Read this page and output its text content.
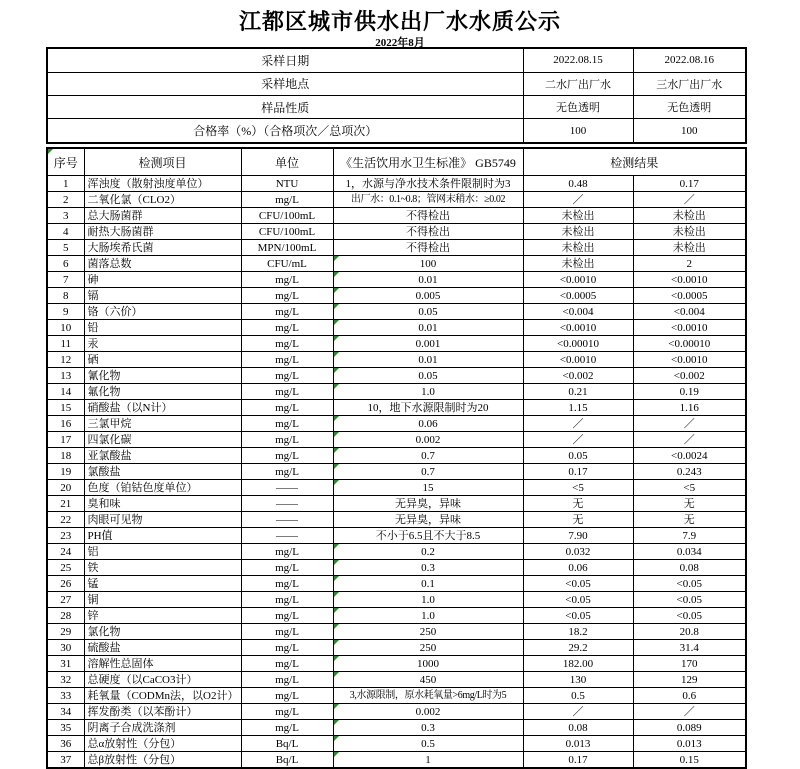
江都区城市供水出厂水水质公示
2022年8月
采样日期	2022.08.15	2022.08.16
采样地点	二水厂出厂水	三水厂出厂水
样品性质	无色透明	无色透明
合格率（%）（合格项次／总项次）	100	100
序号	检测项目	单位	《生活饮用水卫生标准》 GB5749	检测结果	
1	浑浊度（散射浊度单位）	NTU	1，水源与净水技术条件限制时为3	0.48	0.17
2	二氧化氯（CLO2）	mg/L	出厂水：0.1~0.8；管网末稍水：≥0.02	／	／
3	总大肠菌群	CFU/100mL	不得检出	未检出	未检出
4	耐热大肠菌群	CFU/100mL	不得检出	未检出	未检出
5	大肠埃希氏菌	MPN/100mL	不得检出	未检出	未检出
6	菌落总数	CFU/mL	100	未检出	2
7	砷	mg/L	0.01	<0.0010	<0.0010
8	镉	mg/L	0.005	<0.0005	<0.0005
9	铬（六价）	mg/L	0.05	<0.004	<0.004
10	铅	mg/L	0.01	<0.0010	<0.0010
11	汞	mg/L	0.001	<0.00010	<0.00010
12	硒	mg/L	0.01	<0.0010	<0.0010
13	氰化物	mg/L	0.05	<0.002	<0.002
14	氟化物	mg/L	1.0	0.21	0.19
15	硝酸盐（以N计）	mg/L	10，地下水源限制时为20	1.15	1.16
16	三氯甲烷	mg/L	0.06	／	／
17	四氯化碳	mg/L	0.002	／	／
18	亚氯酸盐	mg/L	0.7	0.05	<0.0024
19	氯酸盐	mg/L	0.7	0.17	0.243
20	色度（铂钴色度单位）	——	15	<5	<5
21	臭和味	——	无异臭，异味	无	无
22	肉眼可见物	——	无异臭，异味	无	无
23	PH值	——	不小于6.5且不大于8.5	7.90	7.9
24	铝	mg/L	0.2	0.032	0.034
25	铁	mg/L	0.3	0.06	0.08
26	锰	mg/L	0.1	<0.05	<0.05
27	铜	mg/L	1.0	<0.05	<0.05
28	锌	mg/L	1.0	<0.05	<0.05
29	氯化物	mg/L	250	18.2	20.8
30	硫酸盐	mg/L	250	29.2	31.4
31	溶解性总固体	mg/L	1000	182.00	170
32	总硬度（以CaCO3计）	mg/L	450	130	129
33	耗氧量（CODMn法，以O2计）	mg/L	3,水源限制，原水耗氧量>6mg/L时为5	0.5	0.6
34	挥发酚类（以苯酚计）	mg/L	0.002	／	／
35	阴离子合成洗涤剂	mg/L	0.3	0.08	0.089
36	总α放射性（分包）	Bq/L	0.5	0.013	0.013
37	总β放射性（分包）	Bq/L	1	0.17	0.15
